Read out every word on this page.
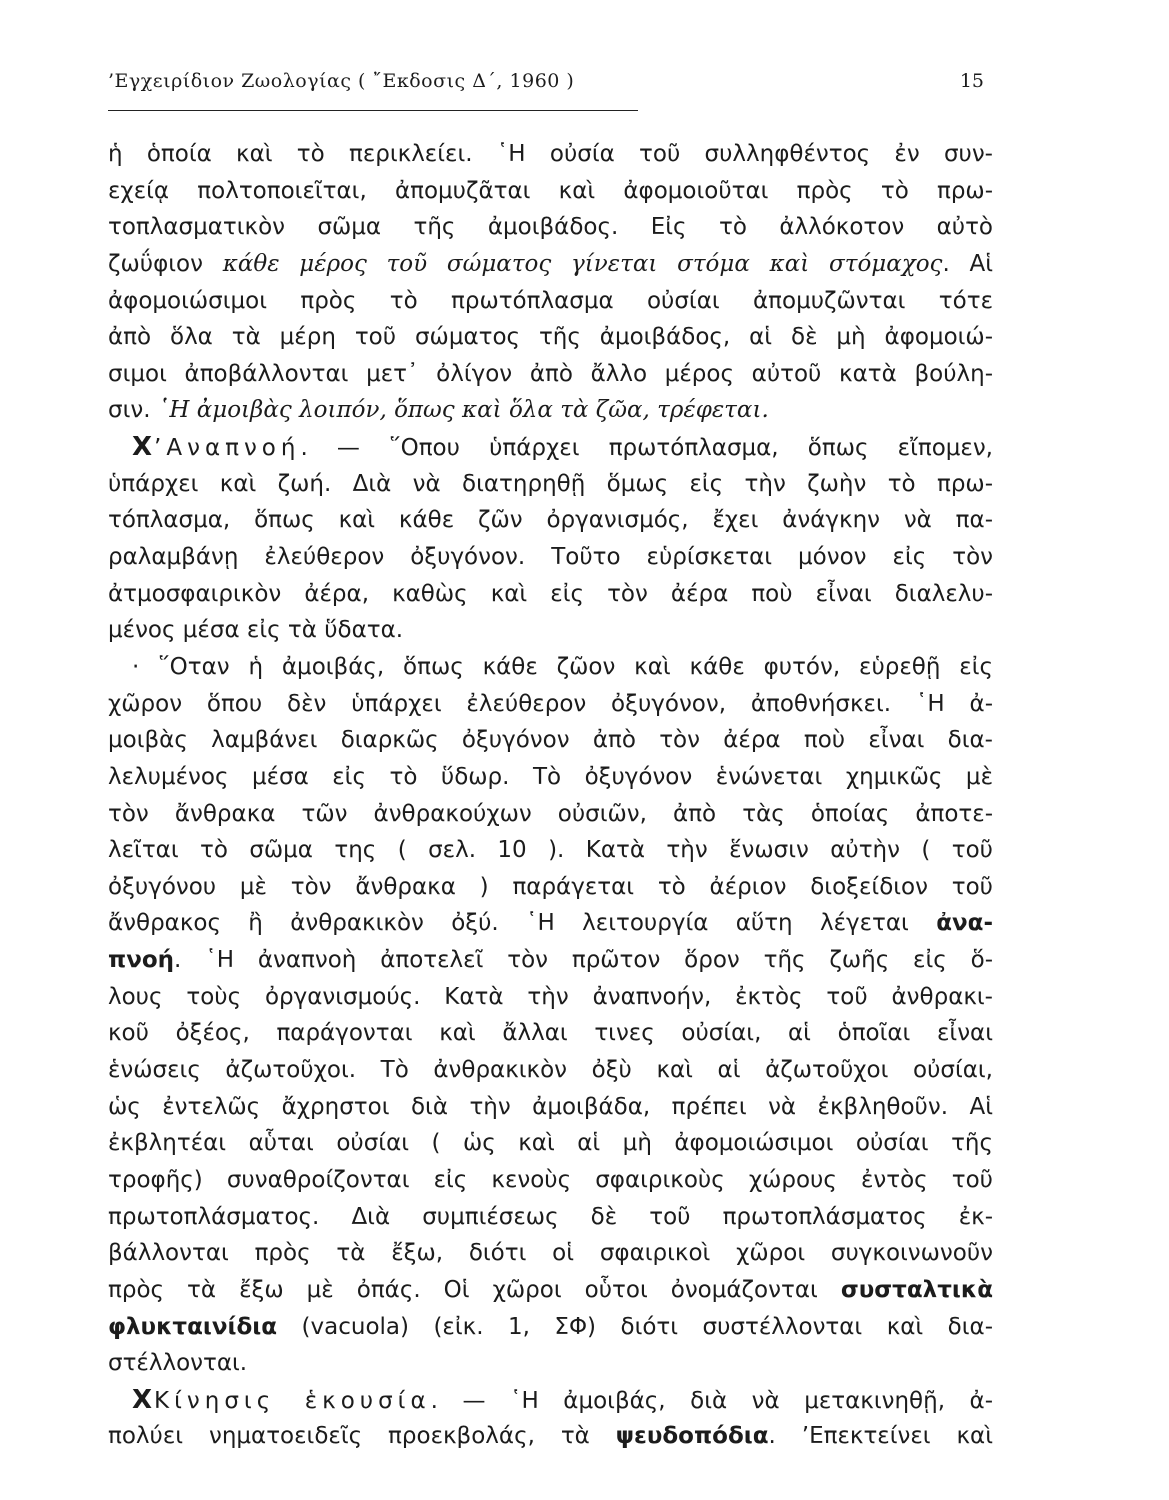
’Εγχειρίδιον Ζωολογίας ( ῎Εκδοσις Δ΄, 1960 )	15
ἡ ὁποία καὶ τὸ περικλείει. ῾Η οὐσία τοῦ συλληφθέντος ἐν συν-
εχείᾳ πολτοποιεῖται, ἀπομυζᾶται καὶ ἀφομοιοῦται πρὸς τὸ πρω-
τοπλασματικὸν σῶμα τῆς ἀμοιβάδος. Εἰς τὸ ἀλλόκοτον αὐτὸ
ζωΰφιον κάθε μέρος τοῦ σώματος γίνεται στόμα καὶ στόμαχος. Αἱ
ἀφομοιώσιμοι πρὸς τὸ πρωτόπλασμα οὐσίαι ἀπομυζῶνται τότε
ἀπὸ ὅλα τὰ μέρη τοῦ σώματος τῆς ἀμοιβάδος, αἱ δὲ μὴ ἀφομοιώ-
σιμοι ἀποβάλλονται μετ᾽ ὀλίγον ἀπὸ ἄλλο μέρος αὐτοῦ κατὰ βούλη-
σιν. ῾Η ἀμοιβὰς λοιπόν, ὅπως καὶ ὅλα τὰ ζῶα, τρέφεται.
X’Αναπνοή. — ῞Οπου ὑπάρχει πρωτόπλασμα, ὅπως εἴπομεν,
ὑπάρχει καὶ ζωή. Διὰ νὰ διατηρηθῇ ὅμως εἰς τὴν ζωὴν τὸ πρω-
τόπλασμα, ὅπως καὶ κάθε ζῶν ὀργανισμός, ἔχει ἀνάγκην νὰ πα-
ραλαμβάνῃ ἐλεύθερον ὀξυγόνον. Τοῦτο εὑρίσκεται μόνον εἰς τὸν
ἀτμοσφαιρικὸν ἀέρα, καθὼς καὶ εἰς τὸν ἀέρα ποὺ εἶναι διαλελυ-
μένος μέσα εἰς τὰ ὕδατα.
· ῞Οταν ἡ ἀμοιβάς, ὅπως κάθε ζῶον καὶ κάθε φυτόν, εὑρεθῇ εἰς
χῶρον ὅπου δὲν ὑπάρχει ἐλεύθερον ὀξυγόνον, ἀποθνήσκει. ῾Η ἀ-
μοιβὰς λαμβάνει διαρκῶς ὀξυγόνον ἀπὸ τὸν ἀέρα ποὺ εἶναι δια-
λελυμένος μέσα εἰς τὸ ὕδωρ. Τὸ ὀξυγόνον ἑνώνεται χημικῶς μὲ
τὸν ἄνθρακα τῶν ἀνθρακούχων οὐσιῶν, ἀπὸ τὰς ὁποίας ἀποτε-
λεῖται τὸ σῶμα της ( σελ. 10 ). Κατὰ τὴν ἕνωσιν αὐτὴν ( τοῦ
ὀξυγόνου μὲ τὸν ἄνθρακα ) παράγεται τὸ ἀέριον διοξείδιον τοῦ
ἄνθρακος ἢ ἀνθρακικὸν ὀξύ. ῾Η λειτουργία αὕτη λέγεται ἀνα-
πνοή. ῾Η ἀναπνοὴ ἀποτελεῖ τὸν πρῶτον ὅρον τῆς ζωῆς εἰς ὅ-
λους τοὺς ὀργανισμούς. Κατὰ τὴν ἀναπνοήν, ἐκτὸς τοῦ ἀνθρακι-
κοῦ ὀξέος, παράγονται καὶ ἄλλαι τινες οὐσίαι, αἱ ὁποῖαι εἶναι
ἑνώσεις ἀζωτοῦχοι. Τὸ ἀνθρακικὸν ὀξὺ καὶ αἱ ἀζωτοῦχοι οὐσίαι,
ὡς ἐντελῶς ἄχρηστοι διὰ τὴν ἀμοιβάδα, πρέπει νὰ ἐκβληθοῦν. Αἱ
ἐκβλητέαι αὗται οὐσίαι ( ὡς καὶ αἱ μὴ ἀφομοιώσιμοι οὐσίαι τῆς
τροφῆς) συναθροίζονται εἰς κενοὺς σφαιρικοὺς χώρους ἐντὸς τοῦ
πρωτοπλάσματος. Διὰ συμπιέσεως δὲ τοῦ πρωτοπλάσματος ἐκ-
βάλλονται πρὸς τὰ ἔξω, διότι οἱ σφαιρικοὶ χῶροι συγκοινωνοῦν
πρὸς τὰ ἔξω μὲ ὀπάς. Οἱ χῶροι οὗτοι ὀνομάζονται συσταλτικὰ
φλυκταινίδια (vacuola) (εἰκ. 1, ΣΦ) διότι συστέλλονται καὶ δια-
στέλλονται.
XΚίνησις ἑκουσία. — ῾Η ἀμοιβάς, διὰ νὰ μετακινηθῇ, ἀ-
πολύει νηματοειδεῖς προεκβολάς, τὰ ψευδοπόδια. ’Επεκτείνει καὶ
